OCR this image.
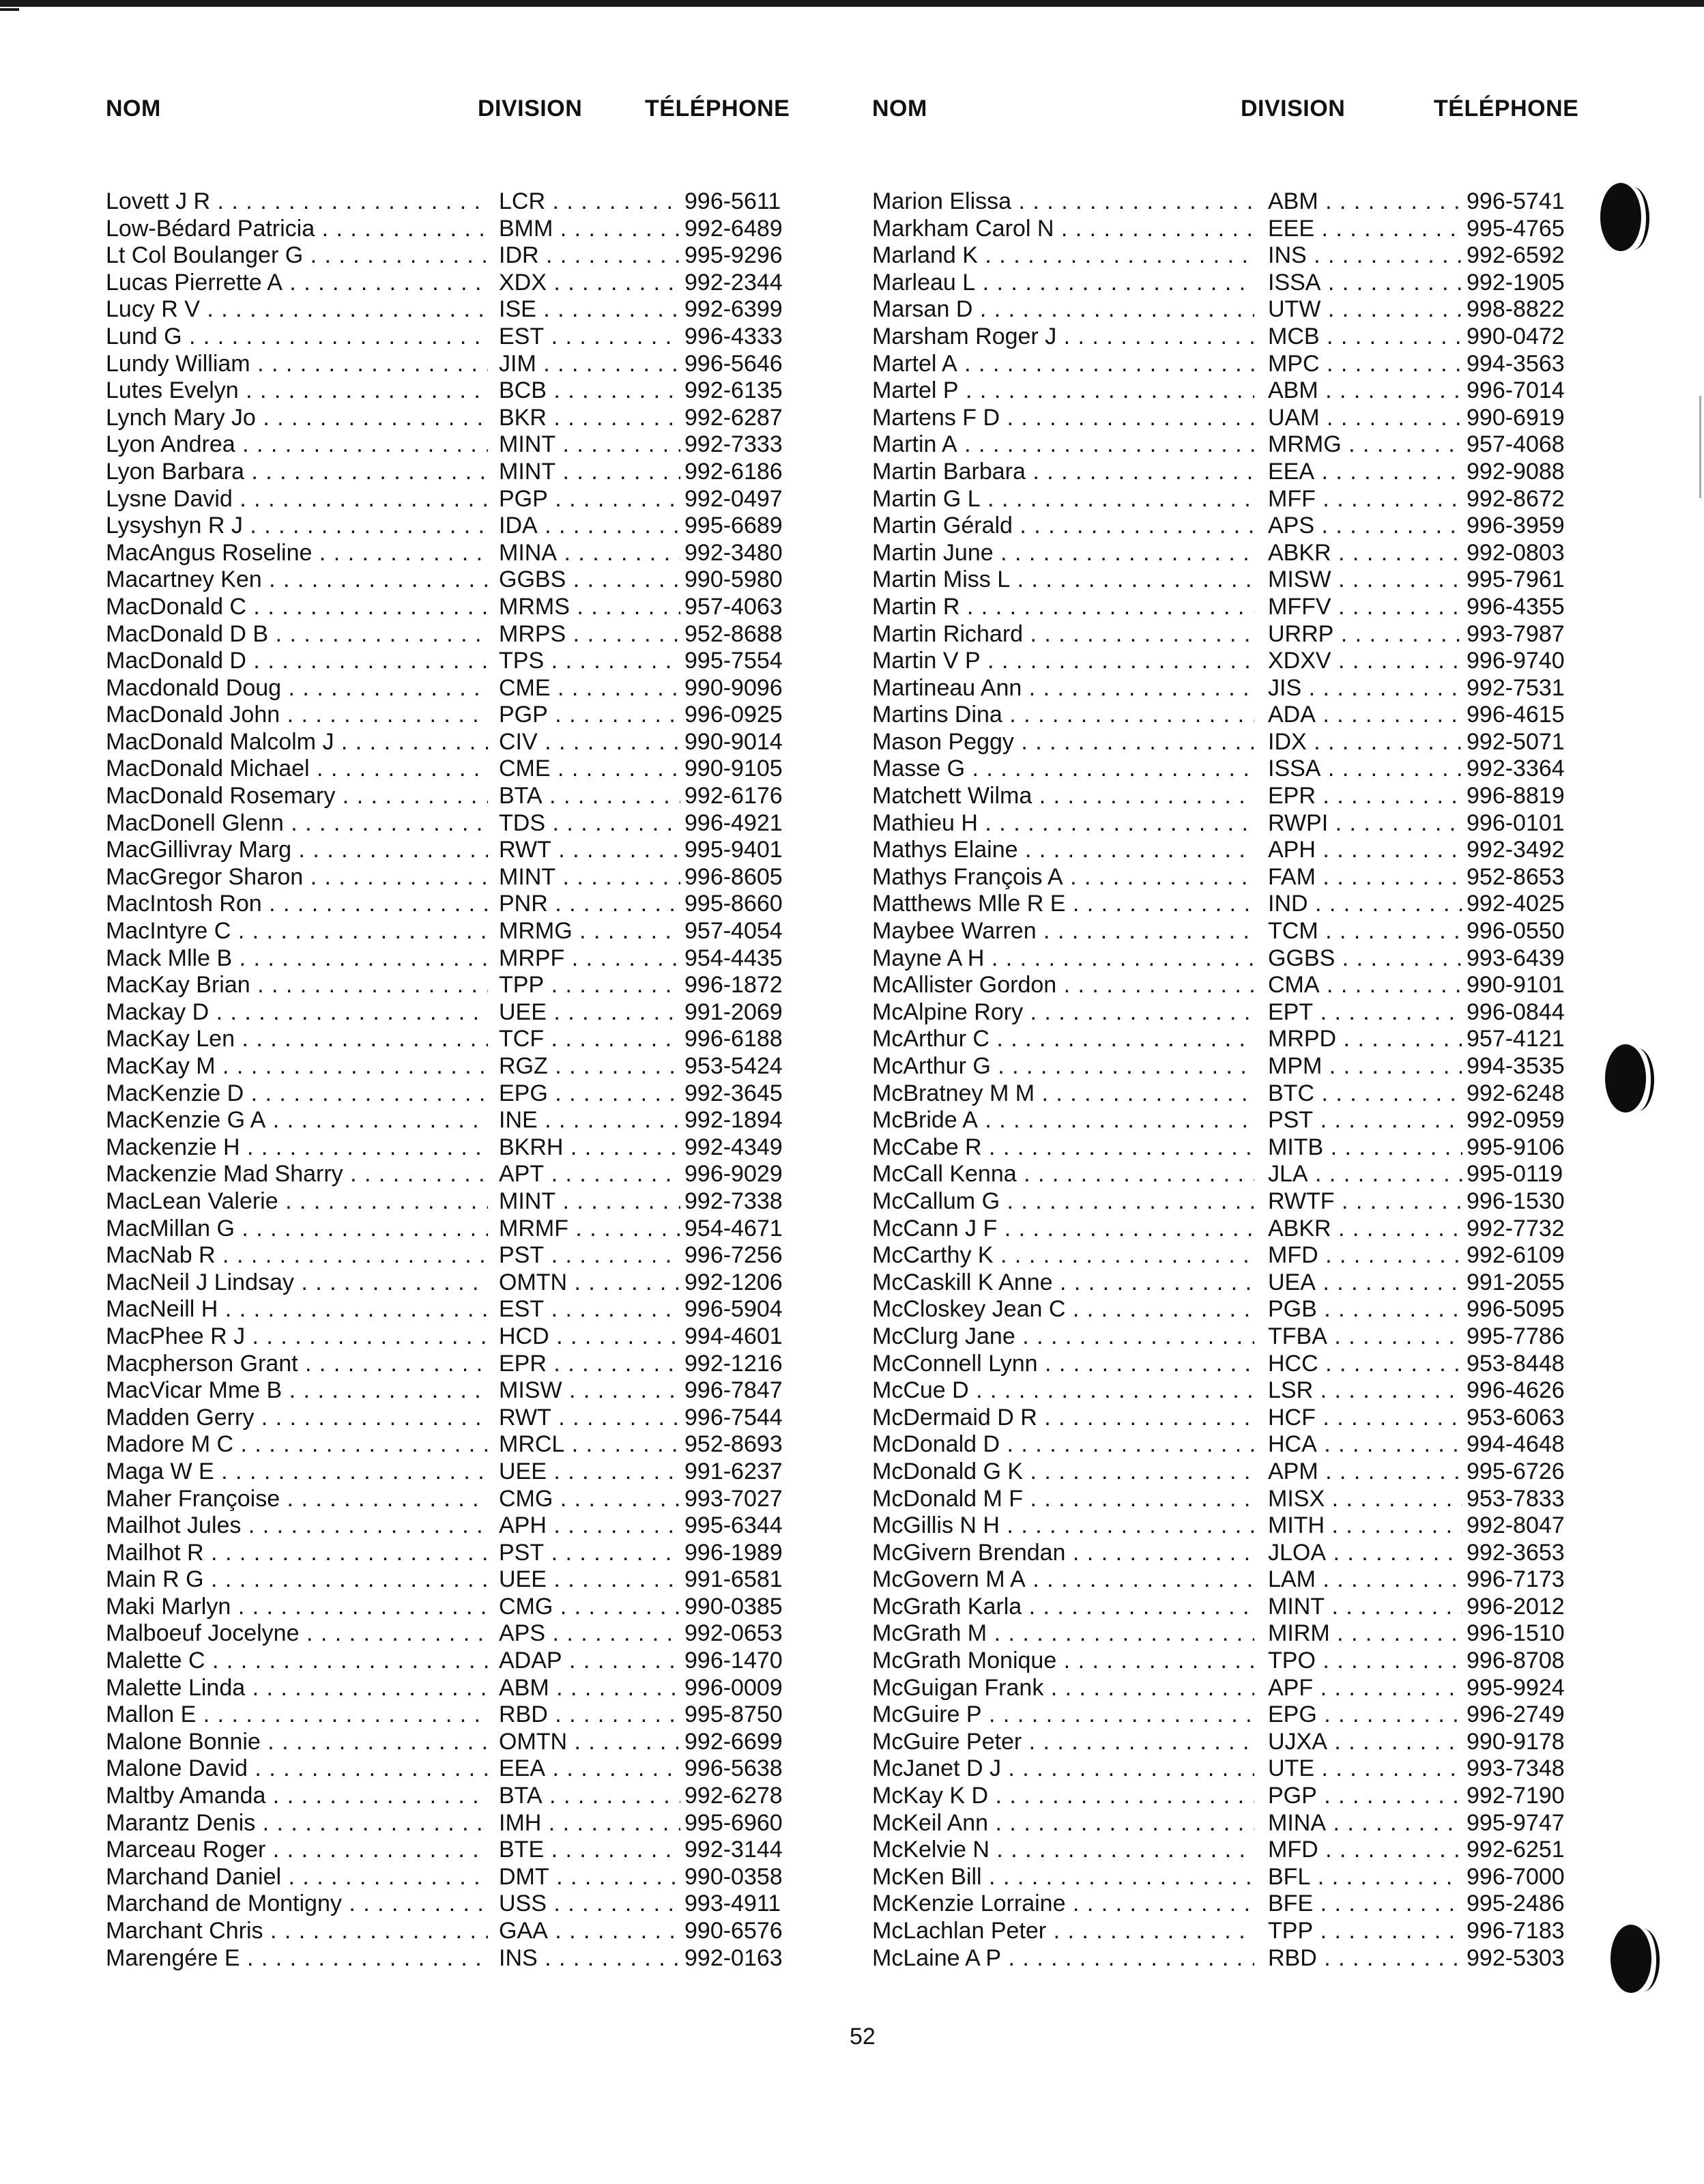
NOM	DIVISION	TÉLÉPHONE
Lovett J R . . .	LCR . . .	996-5611
Low-Bédard Patricia . . .	BMM . . .	992-6489
Lt Col Boulanger G . . .	IDR . . .	995-9296
Lucas Pierrette A . . .	XDX . . .	992-2344
Lucy R V . . .	ISE . . .	992-6399
Lund G . . .	EST . . .	996-4333
Lundy William . . .	JIM . . .	996-5646
Lutes Evelyn . . .	BCB . . .	992-6135
Lynch Mary Jo . . .	BKR . . .	992-6287
Lyon Andrea . . .	MINT . . .	992-7333
Lyon Barbara . . .	MINT . . .	992-6186
Lysne David . . .	PGP . . .	992-0497
Lysyshyn R J . . .	IDA . . .	995-6689
MacAngus Roseline . . .	MINA . . .	992-3480
Macartney Ken . . .	GGBS . . .	990-5980
MacDonald C . . .	MRMS . . .	957-4063
MacDonald D B . . .	MRPS . . .	952-8688
MacDonald D . . .	TPS . . .	995-7554
Macdonald Doug . . .	CME . . .	990-9096
MacDonald John . . .	PGP . . .	996-0925
MacDonald Malcolm J . . .	CIV . . .	990-9014
MacDonald Michael . . .	CME . . .	990-9105
MacDonald Rosemary . . .	BTA . . .	992-6176
MacDonell Glenn . . .	TDS . . .	996-4921
MacGillivray Marg . . .	RWT . . .	995-9401
MacGregor Sharon . . .	MINT . . .	996-8605
MacIntosh Ron . . .	PNR . . .	995-8660
MacIntyre C . . .	MRMG . . .	957-4054
Mack Mlle B . . .	MRPF . . .	954-4435
MacKay Brian . . .	TPP . . .	996-1872
Mackay D . . .	UEE . . .	991-2069
MacKay Len . . .	TCF . . .	996-6188
MacKay M . . .	RGZ . . .	953-5424
MacKenzie D . . .	EPG . . .	992-3645
MacKenzie G A . . .	INE . . .	992-1894
Mackenzie H . . .	BKRH . . .	992-4349
Mackenzie Mad Sharry . . .	APT . . .	996-9029
MacLean Valerie . . .	MINT . . .	992-7338
MacMillan G . . .	MRMF . . .	954-4671
MacNab R . . .	PST . . .	996-7256
MacNeil J Lindsay . . .	OMTN . . .	992-1206
MacNeill H . . .	EST . . .	996-5904
MacPhee R J . . .	HCD . . .	994-4601
Macpherson Grant . . .	EPR . . .	992-1216
MacVicar Mme B . . .	MISW . . .	996-7847
Madden Gerry . . .	RWT . . .	996-7544
Madore M C . . .	MRCL . . .	952-8693
Maga W E . . .	UEE . . .	991-6237
Maher Françoise . . .	CMG . . .	993-7027
Mailhot Jules . . .	APH . . .	995-6344
Mailhot R . . .	PST . . .	996-1989
Main R G . . .	UEE . . .	991-6581
Maki Marlyn . . .	CMG . . .	990-0385
Malboeuf Jocelyne . . .	APS . . .	992-0653
Malette C . . .	ADAP . . .	996-1470
Malette Linda . . .	ABM . . .	996-0009
Mallon E . . .	RBD . . .	995-8750
Malone Bonnie . . .	OMTN . . .	992-6699
Malone David . . .	EEA . . .	996-5638
Maltby Amanda . . .	BTA . . .	992-6278
Marantz Denis . . .	IMH . . .	995-6960
Marceau Roger . . .	BTE . . .	992-3144
Marchand Daniel . . .	DMT . . .	990-0358
Marchand de Montigny . . .	USS . . .	993-4911
Marchant Chris . . .	GAA . . .	990-6576
Marengére E . . .	INS . . .	992-0163
NOM	DIVISION	TÉLÉPHONE
Marion Elissa . . .	ABM . . .	996-5741
Markham Carol N . . .	EEE . . .	995-4765
Marland K . . .	INS . . .	992-6592
Marleau L . . .	ISSA . . .	992-1905
Marsan D . . .	UTW . . .	998-8822
Marsham Roger J . . .	MCB . . .	990-0472
Martel A . . .	MPC . . .	994-3563
Martel P . . .	ABM . . .	996-7014
Martens F D . . .	UAM . . .	990-6919
Martin A . . .	MRMG . . .	957-4068
Martin Barbara . . .	EEA . . .	992-9088
Martin G L . . .	MFF . . .	992-8672
Martin Gérald . . .	APS . . .	996-3959
Martin June . . .	ABKR . . .	992-0803
Martin Miss L . . .	MISW . . .	995-7961
Martin R . . .	MFFV . . .	996-4355
Martin Richard . . .	URRP . . .	993-7987
Martin V P . . .	XDXV . . .	996-9740
Martineau Ann . . .	JIS . . .	992-7531
Martins Dina . . .	ADA . . .	996-4615
Mason Peggy . . .	IDX . . .	992-5071
Masse G . . .	ISSA . . .	992-3364
Matchett Wilma . . .	EPR . . .	996-8819
Mathieu H . . .	RWPI . . .	996-0101
Mathys Elaine . . .	APH . . .	992-3492
Mathys François A . . .	FAM . . .	952-8653
Matthews Mlle R E . . .	IND . . .	992-4025
Maybee Warren . . .	TCM . . .	996-0550
Mayne A H . . .	GGBS . . .	993-6439
McAllister Gordon . . .	CMA . . .	990-9101
McAlpine Rory . . .	EPT . . .	996-0844
McArthur C . . .	MRPD . . .	957-4121
McArthur G . . .	MPM . . .	994-3535
McBratney M M . . .	BTC . . .	992-6248
McBride A . . .	PST . . .	992-0959
McCabe R . . .	MITB . . .	995-9106
McCall Kenna . . .	JLA . . .	995-0119
McCallum G . . .	RWTF . . .	996-1530
McCann J F . . .	ABKR . . .	992-7732
McCarthy K . . .	MFD . . .	992-6109
McCaskill K Anne . . .	UEA . . .	991-2055
McCloskey Jean C . . .	PGB . . .	996-5095
McClurg Jane . . .	TFBA . . .	995-7786
McConnell Lynn . . .	HCC . . .	953-8448
McCue D . . .	LSR . . .	996-4626
McDermaid D R . . .	HCF . . .	953-6063
McDonald D . . .	HCA . . .	994-4648
McDonald G K . . .	APM . . .	995-6726
McDonald M F . . .	MISX . . .	953-7833
McGillis N H . . .	MITH . . .	992-8047
McGivern Brendan . . .	JLOA . . .	992-3653
McGovern M A . . .	LAM . . .	996-7173
McGrath Karla . . .	MINT . . .	996-2012
McGrath M . . .	MIRM . . .	996-1510
McGrath Monique . . .	TPO . . .	996-8708
McGuigan Frank . . .	APF . . .	995-9924
McGuire P . . .	EPG . . .	996-2749
McGuire Peter . . .	UJXA . . .	990-9178
McJanet D J . . .	UTE . . .	993-7348
McKay K D . . .	PGP . . .	992-7190
McKeil Ann . . .	MINA . . .	995-9747
McKelvie N . . .	MFD . . .	992-6251
McKen Bill . . .	BFL . . .	996-7000
McKenzie Lorraine . . .	BFE . . .	995-2486
McLachlan Peter . . .	TPP . . .	996-7183
McLaine A P . . .	RBD . . .	992-5303
52
